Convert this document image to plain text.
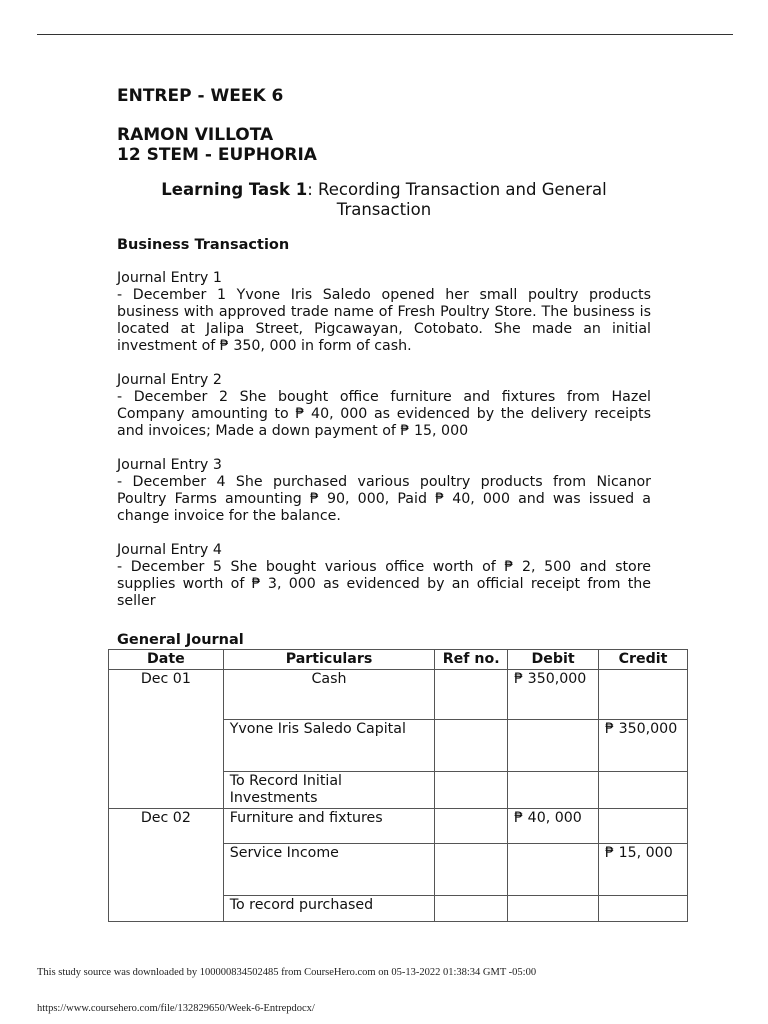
ENTREP - WEEK 6
RAMON VILLOTA
12 STEM - EUPHORIA
Learning Task 1: Recording Transaction and General
Transaction
Business Transaction
Journal Entry 1
- December 1 Yvone Iris Saledo opened her small poultry products business with approved trade name of Fresh Poultry Store. The business is located at Jalipa Street, Pigcawayan, Cotobato. She made an initial investment of ₱ 350, 000 in form of cash.
Journal Entry 2
- December 2 She bought office furniture and fixtures from Hazel Company amounting to ₱ 40, 000 as evidenced by the delivery receipts and invoices; Made a down payment of ₱ 15, 000
Journal Entry 3
- December 4 She purchased various poultry products from Nicanor Poultry Farms amounting ₱ 90, 000, Paid ₱ 40, 000 and was issued a change invoice for the balance.
Journal Entry 4
- December 5 She bought various office worth of ₱ 2, 500 and store supplies worth of ₱ 3, 000 as evidenced by an official receipt from the seller
General Journal
Date	Particulars	Ref no.	Debit	Credit
Dec 01	Cash		₱ 350,000	
	Yvone Iris Saledo Capital			₱ 350,000
	To Record Initial Investments			
Dec 02	Furniture and fixtures		₱ 40, 000	
	Service Income			₱ 15, 000
	To record purchased			
This study source was downloaded by 100000834502485 from CourseHero.com on 05-13-2022 01:38:34 GMT -05:00
https://www.coursehero.com/file/132829650/Week-6-Entrepdocx/
